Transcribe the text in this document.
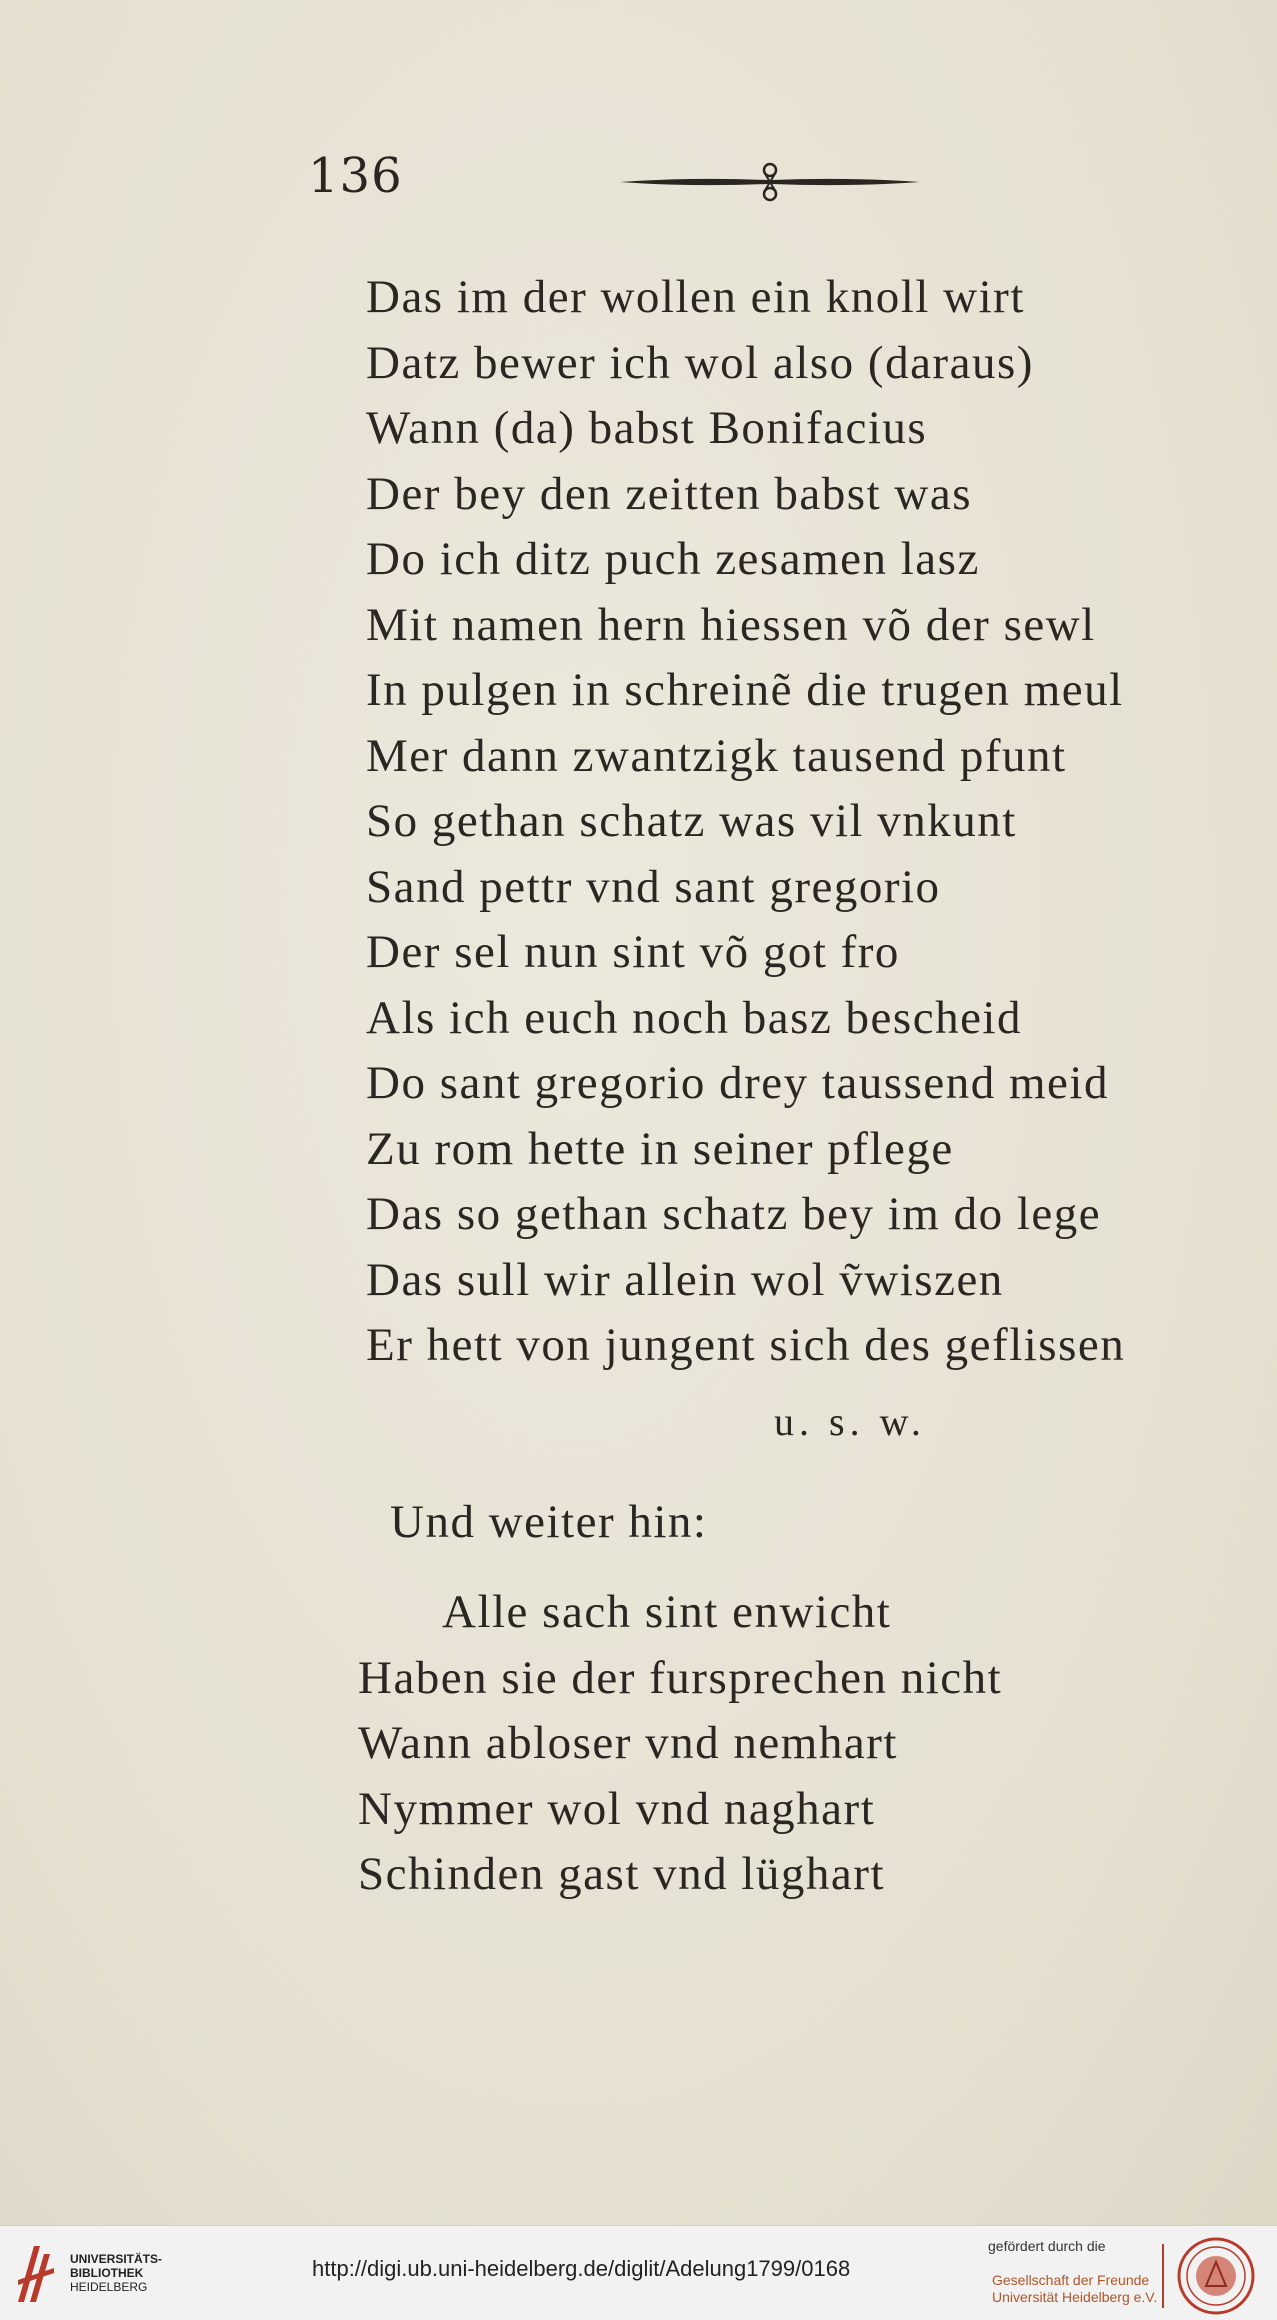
136
Das im der wollen ein knoll wirt
Datz bewer ich wol also (daraus)
Wann (da) babst Bonifacius
Der bey den zeitten babst was
Do ich ditz puch zesamen lasz
Mit namen hern hiessen võ der sewl
In pulgen in schreinẽ die trugen meul
Mer dann zwantzigk tausend pfunt
So gethan schatz was vil vnkunt
Sand pettr vnd sant gregorio
Der sel nun sint võ got fro
Als ich euch noch basz bescheid
Do sant gregorio drey taussend meid
Zu rom hette in seiner pflege
Das so gethan schatz bey im do lege
Das sull wir allein wol ṽwiszen
Er hett von jungent sich des geflissen
u. s. w.
Und weiter hin:
Alle sach sint enwicht
Haben sie der fursprechen nicht
Wann abloser vnd nemhart
Nymmer wol vnd naghart
Schinden gast vnd lüghart
UNIVERSITÄTS-
BIBLIOTHEK
HEIDELBERG
http://digi.ub.uni-heidelberg.de/diglit/Adelung1799/0168
gefördert durch die
Gesellschaft der Freunde
Universität Heidelberg e.V.
